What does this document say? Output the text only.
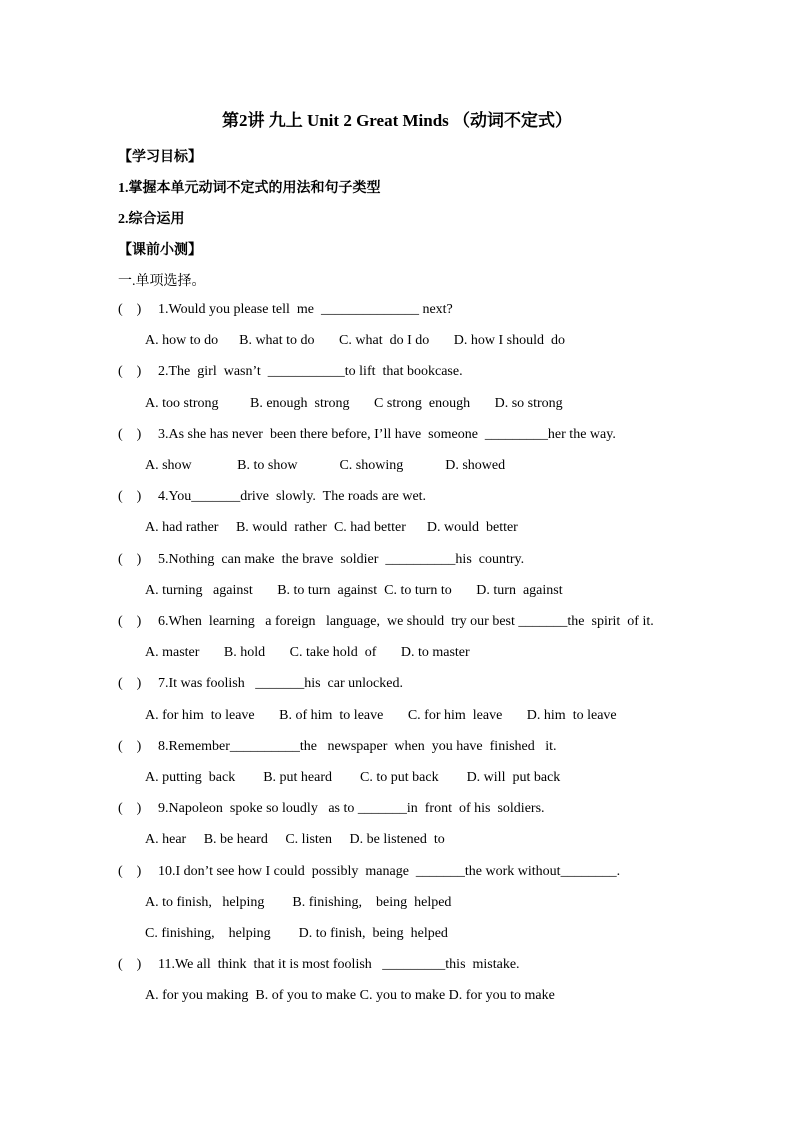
第2讲 九上 Unit 2 Great Minds （动词不定式）
【学习目标】
1.掌握本单元动词不定式的用法和句子类型
2.综合运用
【课前小测】
一.单项选择。
(    ) 1.Would you please tell  me  ______________ next?
A. how to do      B. what to do       C. what  do I do       D. how I should  do
(    ) 2.The  girl  wasn’t  ___________to lift  that bookcase.
A. too strong         B. enough  strong       C strong  enough       D. so strong
(    ) 3.As she has never  been there before, I’ll have  someone  _________her the way.
A. show             B. to show            C. showing            D. showed
(    ) 4.You_______drive  slowly.  The roads are wet.
A. had rather     B. would  rather  C. had better      D. would  better
(    ) 5.Nothing  can make  the brave  soldier  __________his  country.
A. turning   against       B. to turn  against  C. to turn to       D. turn  against
(    ) 6.When  learning   a foreign   language,  we should  try our best _______the  spirit  of it.
A. master       B. hold       C. take hold  of       D. to master
(    ) 7.It was foolish   _______his  car unlocked.
A. for him  to leave       B. of him  to leave       C. for him  leave       D. him  to leave
(    ) 8.Remember__________the   newspaper  when  you have  finished   it.
A. putting  back        B. put heard        C. to put back        D. will  put back
(    ) 9.Napoleon  spoke so loudly   as to _______in  front  of his  soldiers.
A. hear     B. be heard     C. listen     D. be listened  to
(    ) 10.I don’t see how I could  possibly  manage  _______the work without________.
A. to finish,   helping        B. finishing,    being  helped
C. finishing,    helping        D. to finish,  being  helped
(    ) 11.We all  think  that it is most foolish   _________this  mistake.
A. for you making  B. of you to make C. you to make D. for you to make
